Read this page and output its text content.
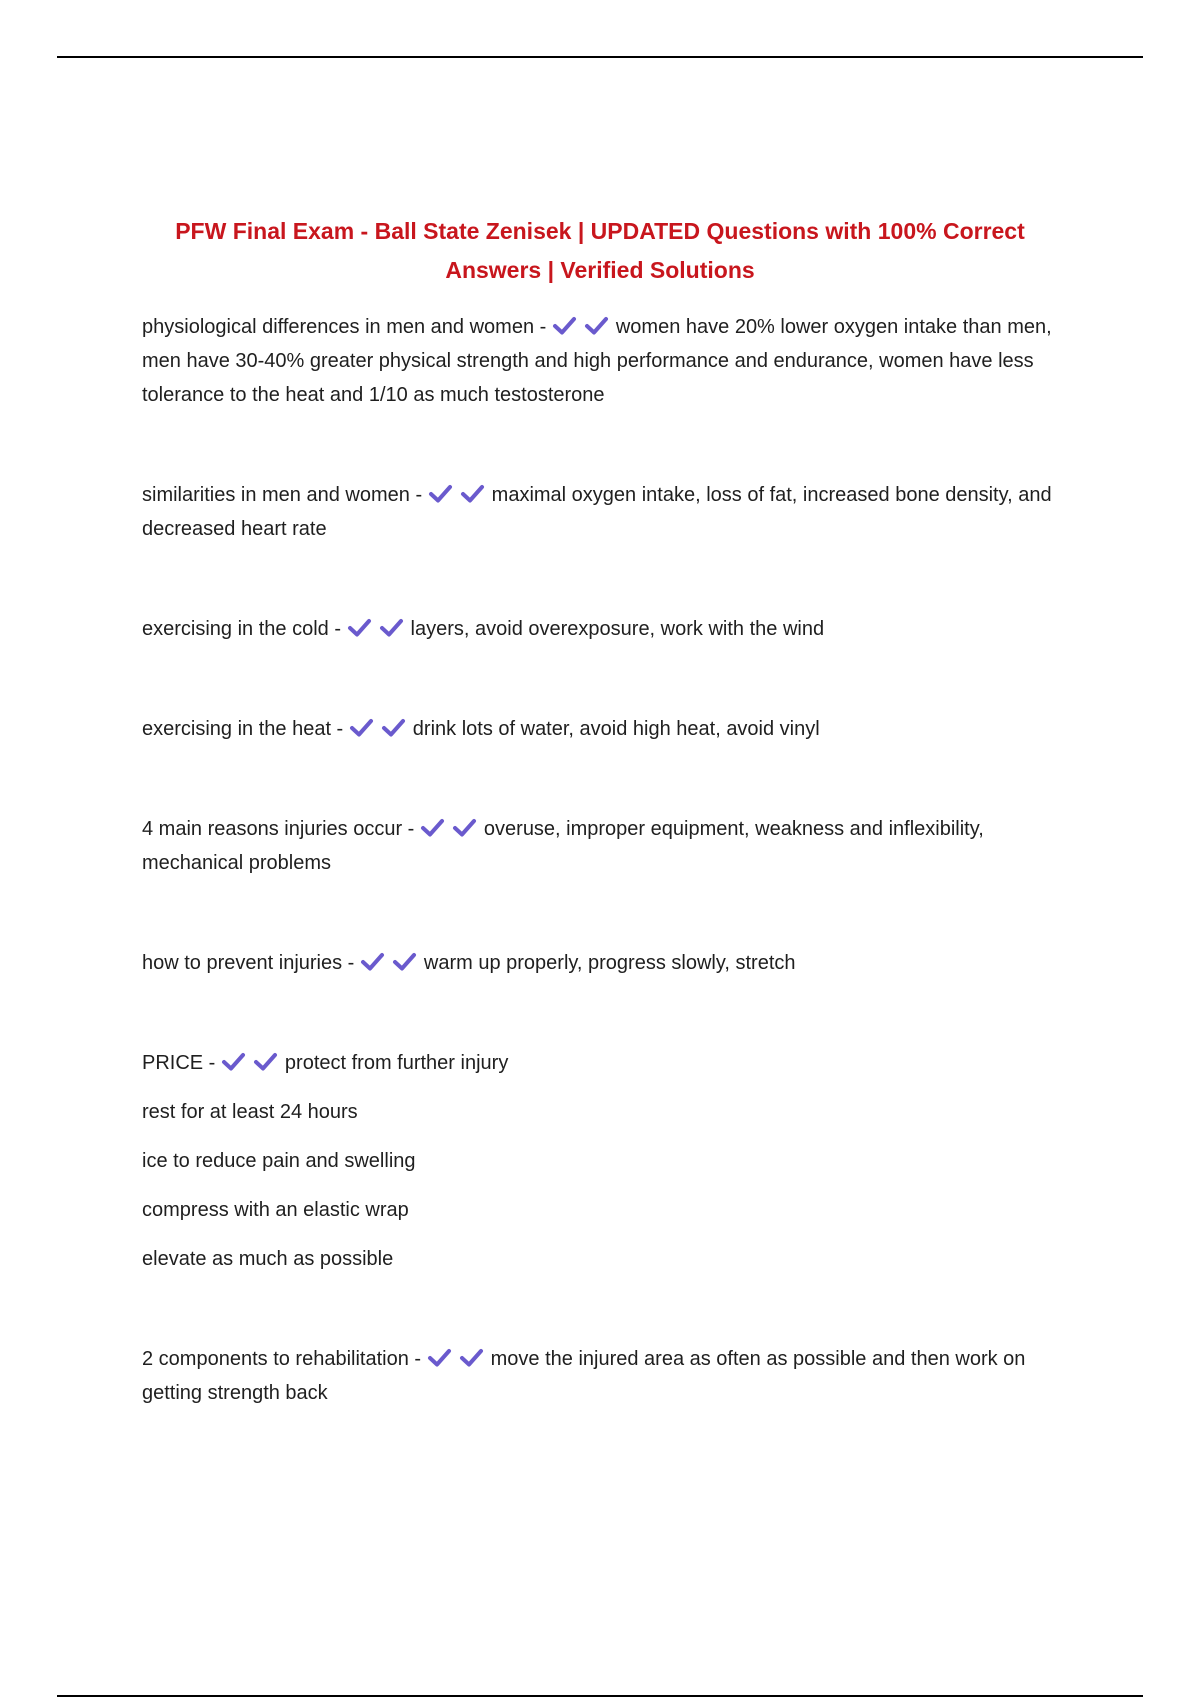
PFW Final Exam - Ball State Zenisek | UPDATED Questions with 100% Correct Answers | Verified Solutions

physiological differences in men and women -	women have 20% lower oxygen intake than men, men have 30-40% greater physical strength and high performance and endurance, women have less tolerance to the heat and 1/10 as much testosterone

similarities in men and women -	maximal oxygen intake, loss of fat, increased bone density, and decreased heart rate

exercising in the cold -	layers, avoid overexposure, work with the wind

exercising in the heat -	drink lots of water, avoid high heat, avoid vinyl

4 main reasons injuries occur -	overuse, improper equipment, weakness and inflexibility, mechanical problems

how to prevent injuries -	warm up properly, progress slowly, stretch

PRICE -	protect from further injury

rest for at least 24 hours

ice to reduce pain and swelling

compress with an elastic wrap

elevate as much as possible

2 components to rehabilitation -	move the injured area as often as possible and then work on getting strength back
